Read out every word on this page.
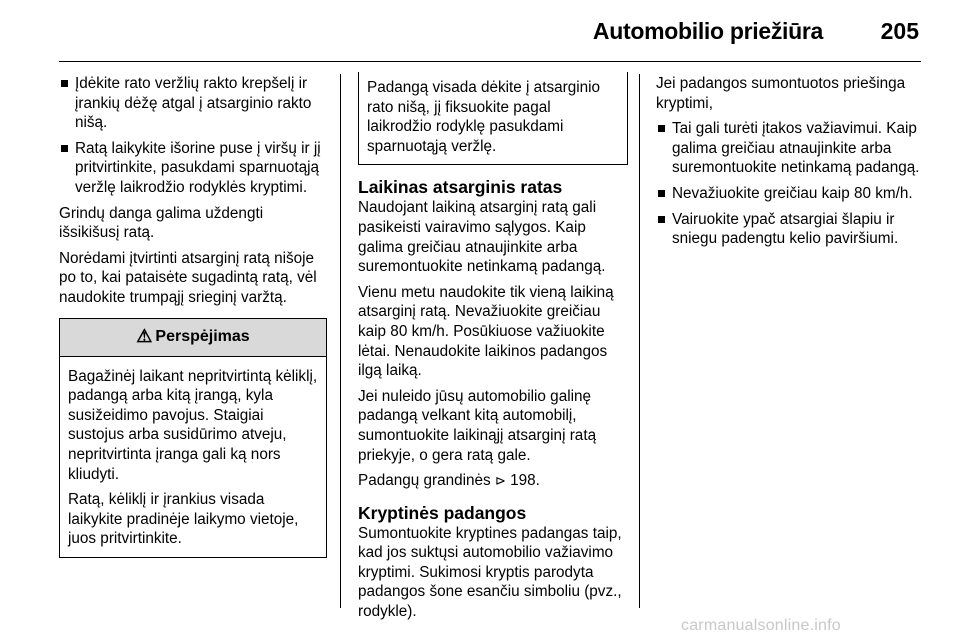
Automobilio priežiūra	205
Įdėkite rato veržlių rakto krepšelį ir įrankių dėžę atgal į atsarginio rakto nišą.
Ratą laikykite išorine puse į viršų ir jį pritvirtinkite, pasukdami sparnuotąją veržlę laikrodžio rodyklės kryptimi.

Grindų danga galima uždengti išsikišusį ratą.

Norėdami įtvirtinti atsarginį ratą nišoje po to, kai pataisėte sugadintą ratą, vėl naudokite trumpąjį srieginį varžtą.

⚠ Perspėjimas

Bagažinėj laikant nepritvirtintą kėliklį, padangą arba kitą įrangą, kyla susižeidimo pavojus. Staigiai sustojus arba susidūrimo atveju, nepritvirtinta įranga gali ką nors kliudyti.

Ratą, kėliklį ir įrankius visada laikykite pradinėje laikymo vietoje, juos pritvirtinkite.

Padangą visada dėkite į atsarginio rato nišą, jį fiksuokite pagal laikrodžio rodyklę pasukdami sparnuotąją veržlę.

Laikinas atsarginis ratas

Naudojant laikiną atsarginį ratą gali pasikeisti vairavimo sąlygos. Kaip galima greičiau atnaujinkite arba suremontuokite netinkamą padangą.

Vienu metu naudokite tik vieną laikiną atsarginį ratą. Nevažiuokite greičiau kaip 80 km/h. Posūkiuose važiuokite lėtai. Nenaudokite laikinos padangos ilgą laiką.

Jei nuleido jūsų automobilio galinę padangą velkant kitą automobilį, sumontuokite laikinąjį atsarginį ratą priekyje, o gera ratą gale.

Padangų grandinės ⊳ 198.

Kryptinės padangos

Sumontuokite kryptines padangas taip, kad jos suktųsi automobilio važiavimo kryptimi. Sukimosi kryptis parodyta padangos šone esančiu simboliu (pvz., rodykle).

Jei padangos sumontuotos priešinga kryptimi,

Tai gali turėti įtakos važiavimui. Kaip galima greičiau atnaujinkite arba suremontuokite netinkamą padangą.
Nevažiuokite greičiau kaip 80 km/h.
Vairuokite ypač atsargiai šlapiu ir sniegu padengtu kelio paviršiumi.
carmanualsonline.info
